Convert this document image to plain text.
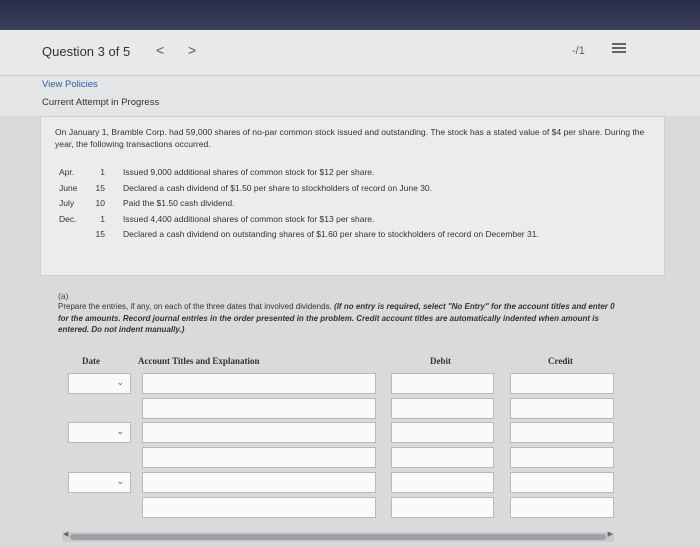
Question 3 of 5 < >	-/1
View Policies
Current Attempt in Progress
On January 1, Bramble Corp. had 59,000 shares of no-par common stock issued and outstanding. The stock has a stated value of $4 per share. During the year, the following transactions occurred.
Apr.	1 Issued 9,000 additional shares of common stock for $12 per share.
June	15 Declared a cash dividend of $1.50 per share to stockholders of record on June 30.
July	10 Paid the $1.50 cash dividend.
Dec.	1 Issued 4,400 additional shares of common stock for $13 per share.
15 Declared a cash dividend on outstanding shares of $1.60 per share to stockholders of record on December 31.
(a)
Prepare the entries, if any, on each of the three dates that involved dividends. (If no entry is required, select "No Entry" for the account titles and enter 0 for the amounts. Record journal entries in the order presented in the problem. Credit account titles are automatically indented when amount is entered. Do not indent manually.)
Date	Account Titles and Explanation	Debit	Credit
⌄
⌄
⌄
◀	▶
